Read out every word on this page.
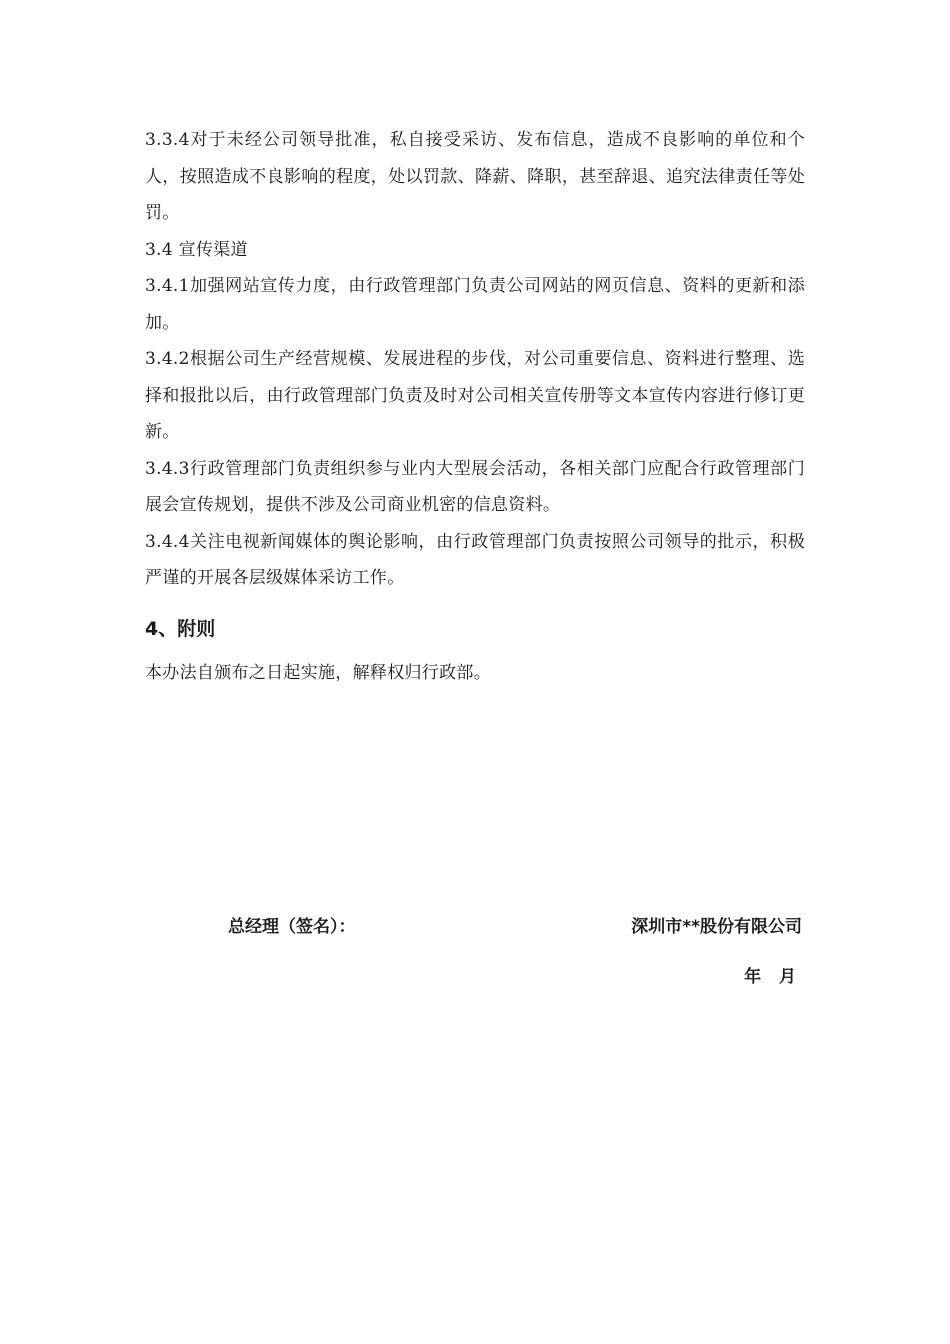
3.3.4对于未经公司领导批准，私自接受采访、发布信息，造成不良影响的单位和个人，按照造成不良影响的程度，处以罚款、降薪、降职，甚至辞退、追究法律责任等处罚。

3.4 宣传渠道

3.4.1加强网站宣传力度，由行政管理部门负责公司网站的网页信息、资料的更新和添加。

3.4.2根据公司生产经营规模、发展进程的步伐，对公司重要信息、资料进行整理、选择和报批以后，由行政管理部门负责及时对公司相关宣传册等文本宣传内容进行修订更新。

3.4.3行政管理部门负责组织参与业内大型展会活动，各相关部门应配合行政管理部门展会宣传规划，提供不涉及公司商业机密的信息资料。

3.4.4关注电视新闻媒体的舆论影响，由行政管理部门负责按照公司领导的批示，积极严谨的开展各层级媒体采访工作。

4、附则

本办法自颁布之日起实施，解释权归行政部。

总经理（签名）：	深圳市**股份有限公司
年 月
